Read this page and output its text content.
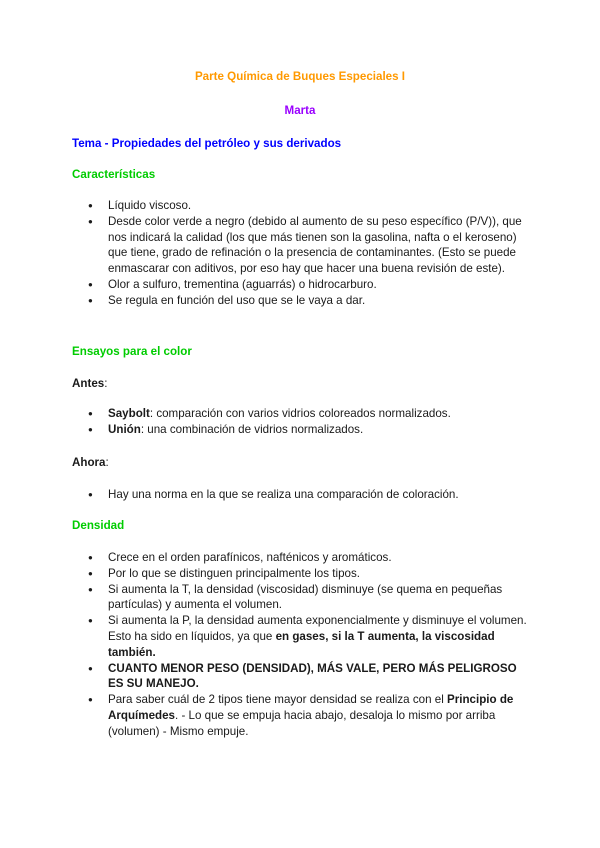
Parte Química de Buques Especiales I
Marta
Tema - Propiedades del petróleo y sus derivados
Características
● Líquido viscoso.
● Desde color verde a negro (debido al aumento de su peso específico (P/V)), que nos indicará la calidad (los que más tienen son la gasolina, nafta o el keroseno) que tiene, grado de refinación o la presencia de contaminantes. (Esto se puede enmascarar con aditivos, por eso hay que hacer una buena revisión de este).
● Olor a sulfuro, trementina (aguarrás) o hidrocarburo.
● Se regula en función del uso que se le vaya a dar.
Ensayos para el color
Antes:
● Saybolt: comparación con varios vidrios coloreados normalizados.
● Unión: una combinación de vidrios normalizados.
Ahora:
● Hay una norma en la que se realiza una comparación de coloración.
Densidad
● Crece en el orden parafínicos, nafténicos y aromáticos.
● Por lo que se distinguen principalmente los tipos.
● Si aumenta la T, la densidad (viscosidad) disminuye (se quema en pequeñas partículas) y aumenta el volumen.
● Si aumenta la P, la densidad aumenta exponencialmente y disminuye el volumen.
Esto ha sido en líquidos, ya que en gases, si la T aumenta, la viscosidad también.
● CUANTO MENOR PESO (DENSIDAD), MÁS VALE, PERO MÁS PELIGROSO ES SU MANEJO.
● Para saber cuál de 2 tipos tiene mayor densidad se realiza con el Principio de Arquímedes. - Lo que se empuja hacia abajo, desaloja lo mismo por arriba (volumen) - Mismo empuje.
